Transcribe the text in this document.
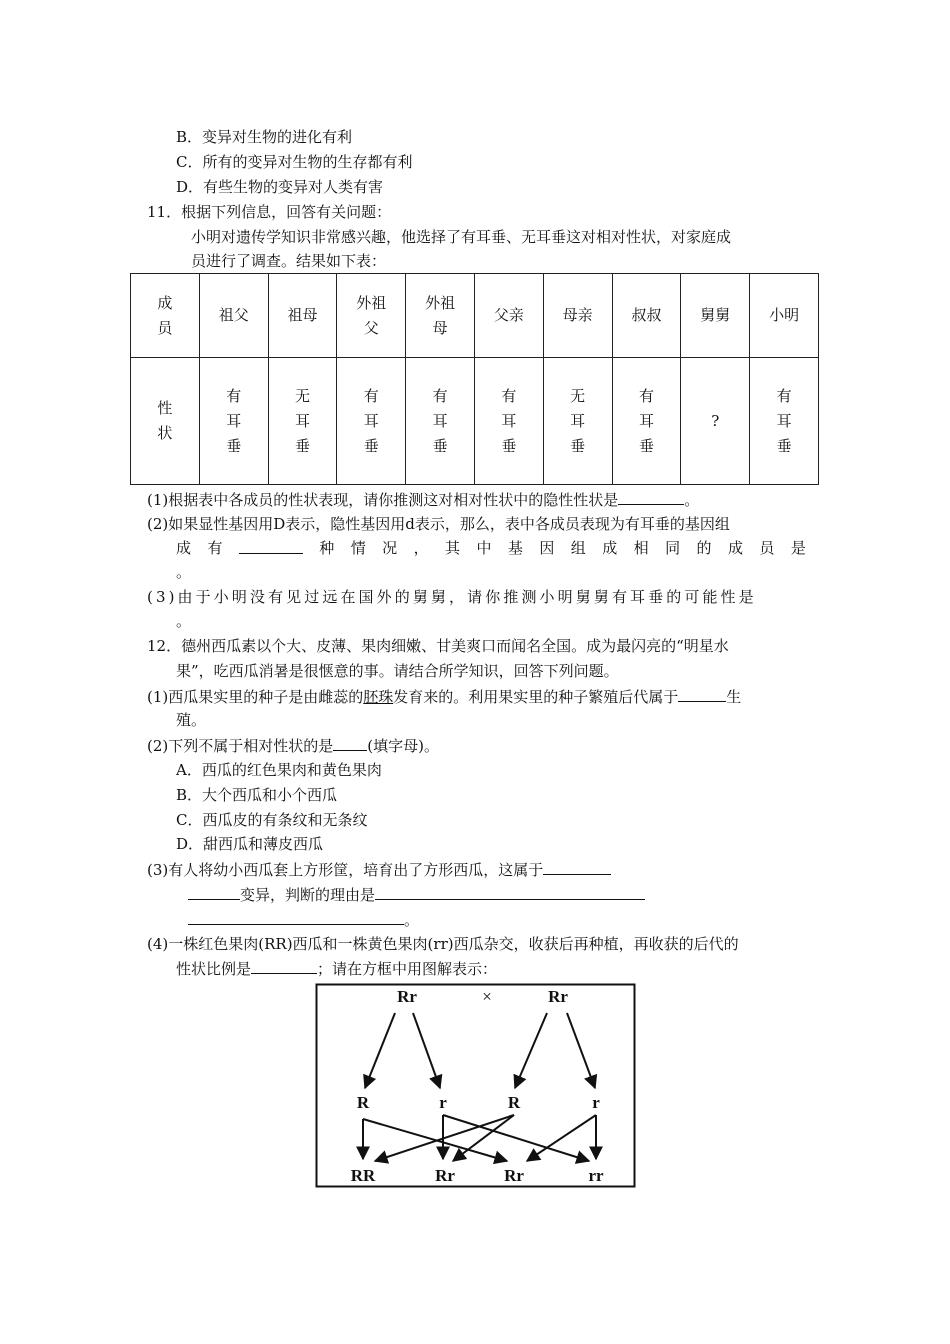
B．变异对生物的进化有利
C．所有的变异对生物的生存都有利
D．有些生物的变异对人类有害
11．根据下列信息，回答有关问题：
小明对遗传学知识非常感兴趣，他选择了有耳垂、无耳垂这对相对性状，对家庭成
员进行了调查。结果如下表：
成
员	祖父	祖母	外祖
父	外祖
母	父亲	母亲	叔叔	舅舅	小明

性
状	有
耳
垂	无
耳
垂	有
耳
垂	有
耳
垂	有
耳
垂	无
耳
垂	有
耳
垂	?	有
耳
垂
(1)根据表中各成员的性状表现，请你推测这对相对性状中的隐性性状是	。
(2)如果显性基因用D表示，隐性基因用d表示，那么，表中各成员表现为有耳垂的基因组
成 有	种 情 况 ， 其 中 基 因 组 成 相 同 的 成 员 是
。
(3)由于小明没有见过远在国外的舅舅，请你推测小明舅舅有耳垂的可能性是
。
12．德州西瓜素以个大、皮薄、果肉细嫩、甘美爽口而闻名全国。成为最闪亮的“明星水
果”，吃西瓜消暑是很惬意的事。请结合所学知识，回答下列问题。
(1)西瓜果实里的种子是由雌蕊的胚珠发育来的。利用果实里的种子繁殖后代属于	生
殖。
(2)下列不属于相对性状的是 (填字母)。
A．西瓜的红色果肉和黄色果肉
B．大个西瓜和小个西瓜
C．西瓜皮的有条纹和无条纹
D．甜西瓜和薄皮西瓜
(3)有人将幼小西瓜套上方形筐，培育出了方形西瓜，这属于
变异，判断的理由是
。
(4)一株红色果肉(RR)西瓜和一株黄色果肉(rr)西瓜杂交，收获后再种植，再收获的后代的
性状比例是	；请在方框中用图解表示：
Rr	×	Rr
R	r	R	r
RR	Rr	Rr	rr
